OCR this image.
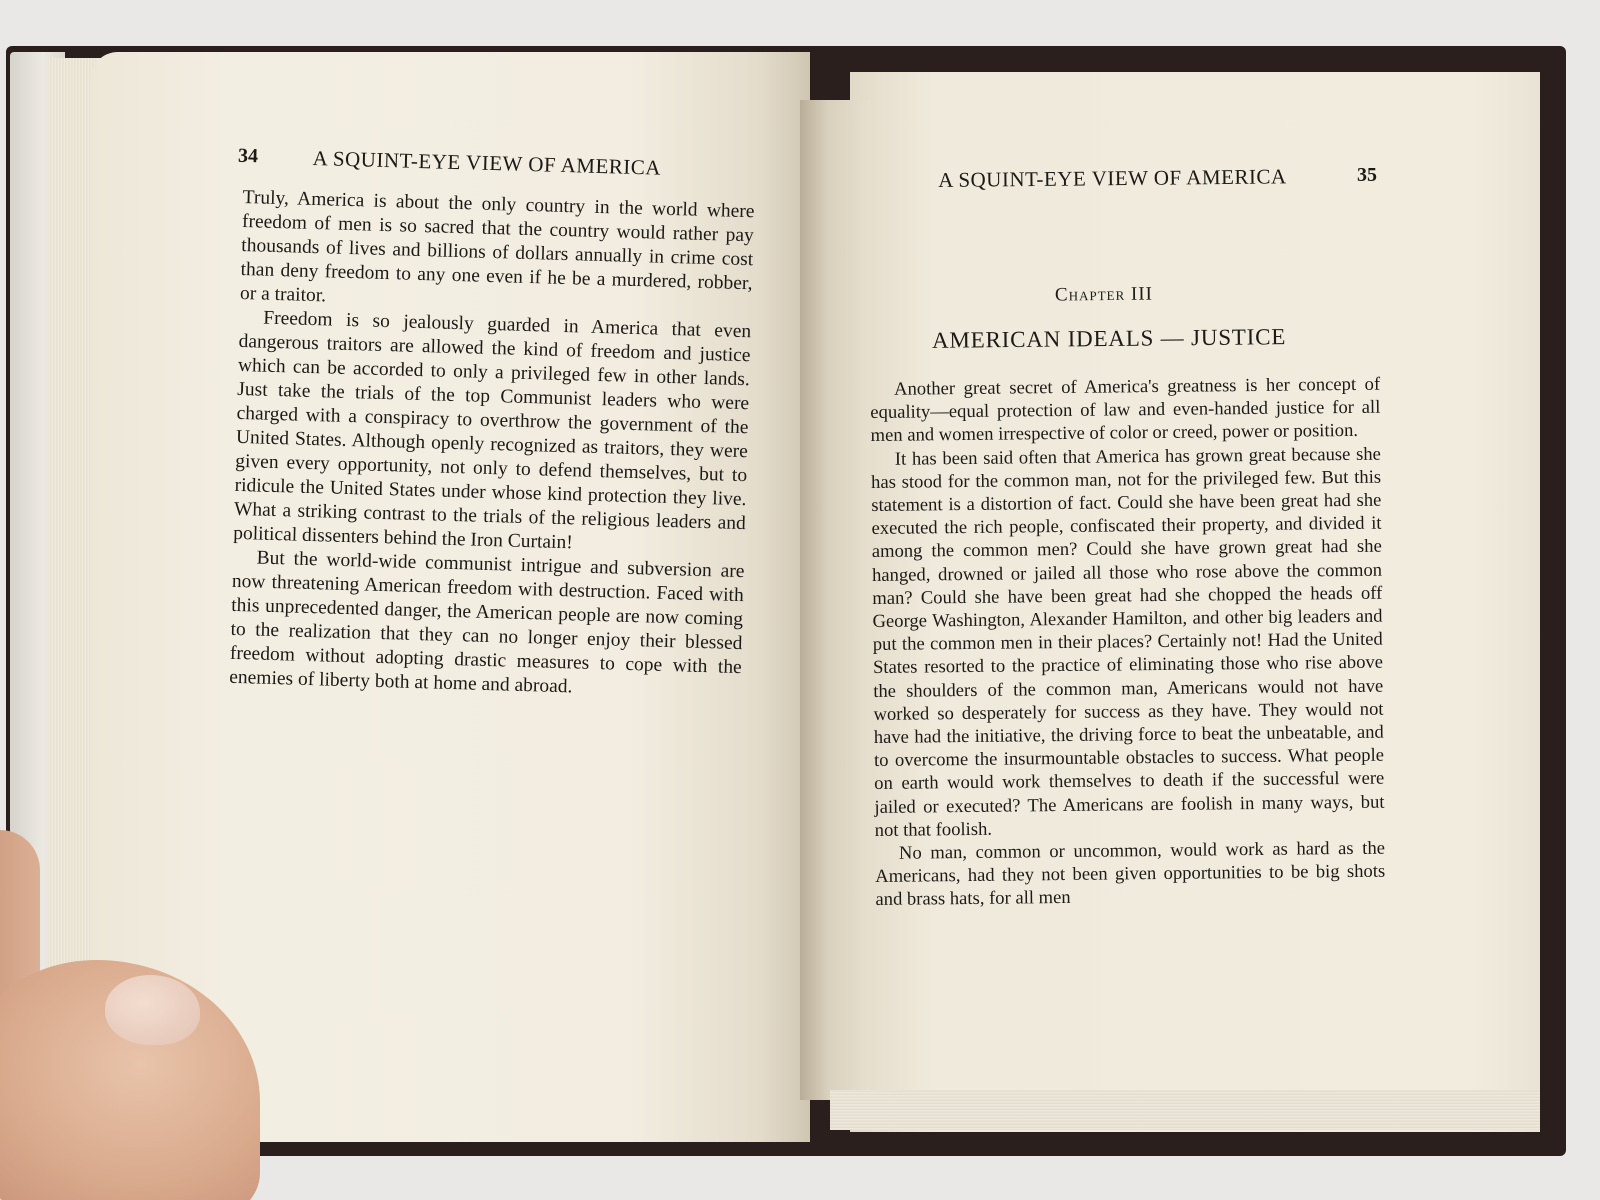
34	A SQUINT-EYE VIEW OF AMERICA

Truly, America is about the only country in the world where freedom of men is so sacred that the country would rather pay thousands of lives and billions of dollars annually in crime cost than deny freedom to any one even if he be a murdered, robber, or a traitor.

Freedom is so jealously guarded in America that even dangerous traitors are allowed the kind of freedom and justice which can be accorded to only a privileged few in other lands. Just take the trials of the top Communist leaders who were charged with a conspiracy to overthrow the government of the United States. Although openly recognized as traitors, they were given every opportunity, not only to defend themselves, but to ridicule the United States under whose kind protection they live. What a striking contrast to the trials of the religious leaders and political dissenters behind the Iron Curtain!

But the world-wide communist intrigue and subversion are now threatening American freedom with destruction. Faced with this unprecedented danger, the American people are now coming to the realization that they can no longer enjoy their blessed freedom without adopting drastic measures to cope with the enemies of liberty both at home and abroad.

A SQUINT-EYE VIEW OF AMERICA	35
Chapter III
AMERICAN IDEALS — JUSTICE

Another great secret of America's greatness is her concept of equality—equal protection of law and even-handed justice for all men and women irrespective of color or creed, power or position.

It has been said often that America has grown great because she has stood for the common man, not for the privileged few. But this statement is a distortion of fact. Could she have been great had she executed the rich people, confiscated their property, and divided it among the common men? Could she have grown great had she hanged, drowned or jailed all those who rose above the common man? Could she have been great had she chopped the heads off George Washington, Alexander Hamilton, and other big leaders and put the common men in their places? Certainly not! Had the United States resorted to the practice of eliminating those who rise above the shoulders of the common man, Americans would not have worked so desperately for success as they have. They would not have had the initiative, the driving force to beat the unbeatable, and to overcome the insurmountable obstacles to success. What people on earth would work themselves to death if the successful were jailed or executed? The Americans are foolish in many ways, but not that foolish.

No man, common or uncommon, would work as hard as the Americans, had they not been given opportunities to be big shots and brass hats, for all men
